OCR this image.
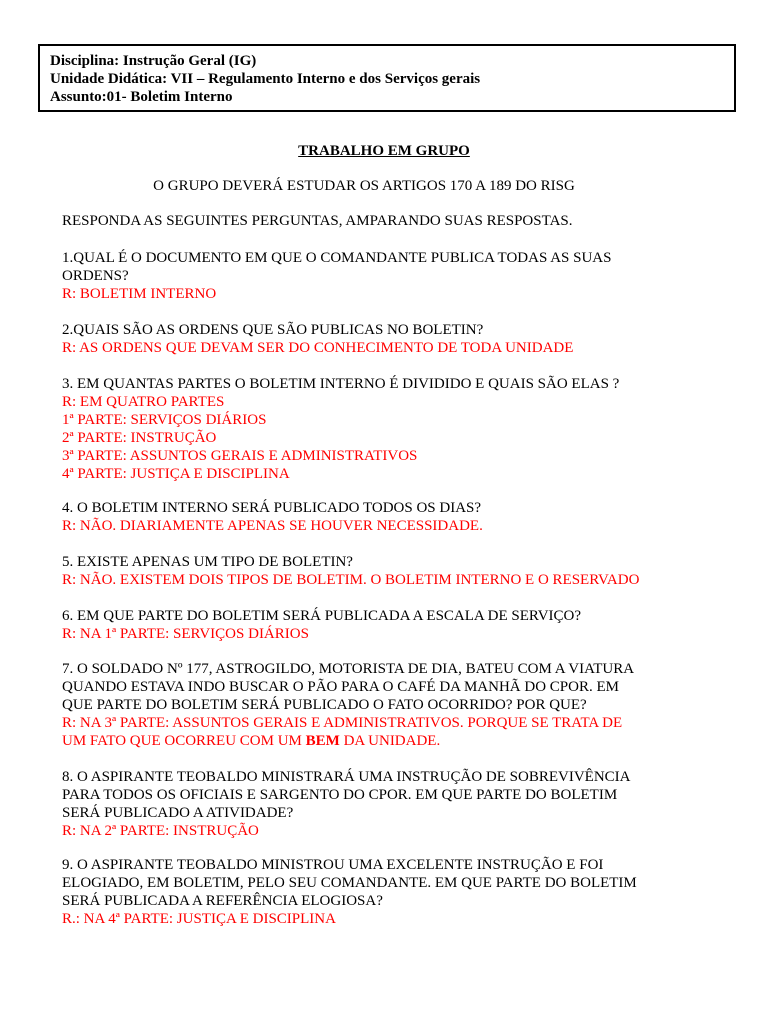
Disciplina: Instrução Geral (IG)
Unidade Didática: VII – Regulamento Interno e dos Serviços gerais
Assunto:01- Boletim Interno
TRABALHO EM GRUPO
O GRUPO DEVERÁ ESTUDAR OS ARTIGOS 170 A 189 DO RISG
RESPONDA AS SEGUINTES PERGUNTAS, AMPARANDO SUAS RESPOSTAS.
1.QUAL É O DOCUMENTO EM QUE O COMANDANTE PUBLICA TODAS AS SUAS
ORDENS?
R: BOLETIM INTERNO
2.QUAIS SÃO AS ORDENS QUE SÃO PUBLICAS NO BOLETIN?
R: AS ORDENS QUE DEVAM SER DO CONHECIMENTO DE TODA UNIDADE
3. EM QUANTAS PARTES O BOLETIM INTERNO É DIVIDIDO E QUAIS SÃO ELAS ?
R: EM QUATRO PARTES
1ª PARTE: SERVIÇOS DIÁRIOS
2ª PARTE: INSTRUÇÃO
3ª PARTE: ASSUNTOS GERAIS E ADMINISTRATIVOS
4ª PARTE: JUSTIÇA E DISCIPLINA
4. O BOLETIM INTERNO SERÁ PUBLICADO TODOS OS DIAS?
R: NÃO. DIARIAMENTE APENAS SE HOUVER NECESSIDADE.
5. EXISTE APENAS UM TIPO DE BOLETIN?
R: NÃO. EXISTEM DOIS TIPOS DE BOLETIM. O BOLETIM INTERNO E O RESERVADO
6. EM QUE PARTE DO BOLETIM SERÁ PUBLICADA A ESCALA DE SERVIÇO?
R: NA 1ª PARTE: SERVIÇOS DIÁRIOS
7. O SOLDADO Nº 177, ASTROGILDO, MOTORISTA DE DIA, BATEU COM A VIATURA
QUANDO ESTAVA INDO BUSCAR O PÃO PARA O CAFÉ DA MANHÃ DO CPOR. EM
QUE PARTE DO BOLETIM SERÁ PUBLICADO O FATO OCORRIDO? POR QUE?
R: NA 3ª PARTE: ASSUNTOS GERAIS E ADMINISTRATIVOS. PORQUE SE TRATA DE
UM FATO QUE OCORREU COM UM BEM DA UNIDADE.
8. O ASPIRANTE TEOBALDO MINISTRARÁ UMA INSTRUÇÃO DE SOBREVIVÊNCIA
PARA TODOS OS OFICIAIS E SARGENTO DO CPOR. EM QUE PARTE DO BOLETIM
SERÁ PUBLICADO A ATIVIDADE?
R: NA 2ª PARTE: INSTRUÇÃO
9. O ASPIRANTE TEOBALDO MINISTROU UMA EXCELENTE INSTRUÇÃO E FOI
ELOGIADO, EM BOLETIM, PELO SEU COMANDANTE. EM QUE PARTE DO BOLETIM
SERÁ PUBLICADA A REFERÊNCIA ELOGIOSA?
R.: NA 4ª PARTE: JUSTIÇA E DISCIPLINA
